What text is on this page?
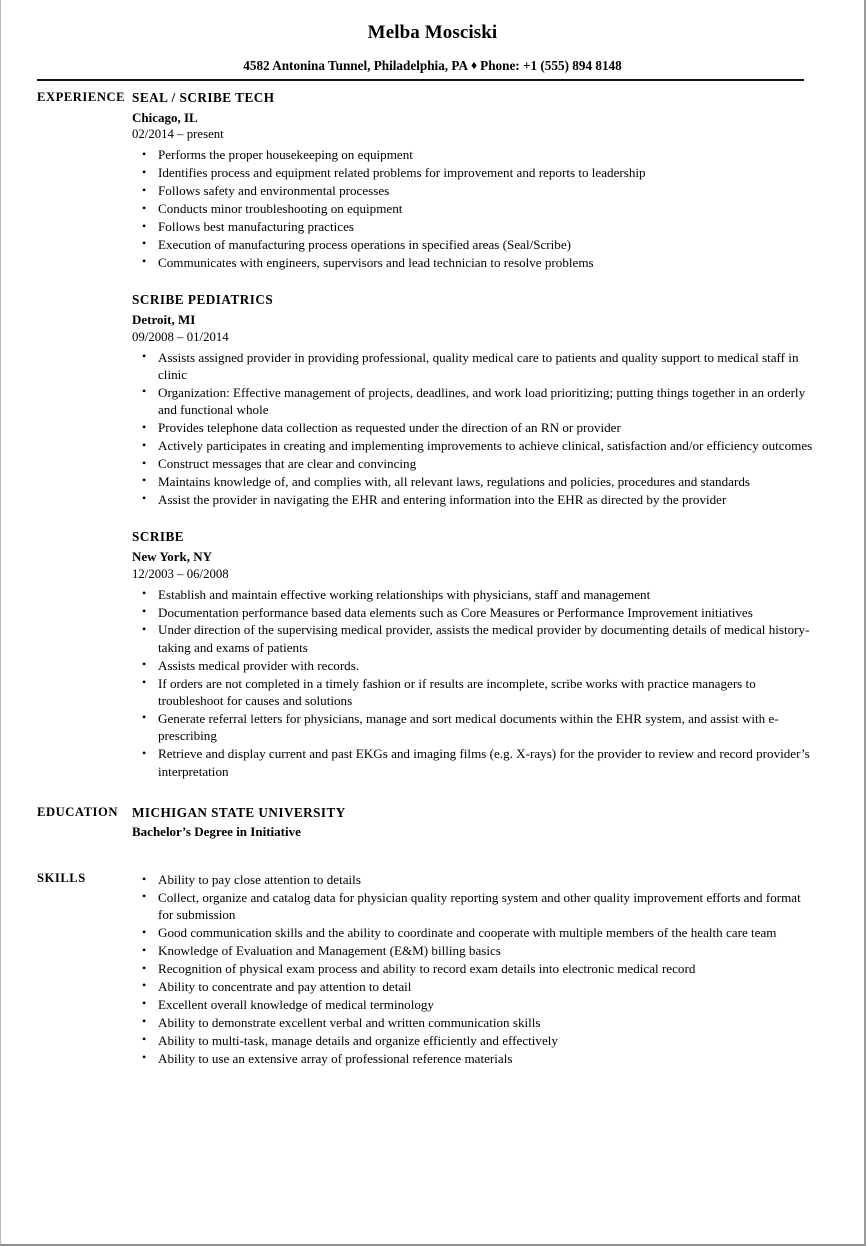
Melba Mosciski
4582 Antonina Tunnel, Philadelphia, PA ♦ Phone: +1 (555) 894 8148
EXPERIENCE SEAL / SCRIBE TECH
Chicago, IL
02/2014 – present
• Performs the proper housekeeping on equipment
• Identifies process and equipment related problems for improvement and reports to leadership
• Follows safety and environmental processes
• Conducts minor troubleshooting on equipment
• Follows best manufacturing practices
• Execution of manufacturing process operations in specified areas (Seal/Scribe)
• Communicates with engineers, supervisors and lead technician to resolve problems
SCRIBE PEDIATRICS
Detroit, MI
09/2008 – 01/2014
• Assists assigned provider in providing professional, quality medical care to patients and quality support to medical staff in clinic
• Organization: Effective management of projects, deadlines, and work load prioritizing; putting things together in an orderly and functional whole
• Provides telephone data collection as requested under the direction of an RN or provider
• Actively participates in creating and implementing improvements to achieve clinical, satisfaction and/or efficiency outcomes
• Construct messages that are clear and convincing
• Maintains knowledge of, and complies with, all relevant laws, regulations and policies, procedures and standards
• Assist the provider in navigating the EHR and entering information into the EHR as directed by the provider
SCRIBE
New York, NY
12/2003 – 06/2008
• Establish and maintain effective working relationships with physicians, staff and management
• Documentation performance based data elements such as Core Measures or Performance Improvement initiatives
• Under direction of the supervising medical provider, assists the medical provider by documenting details of medical history-taking and exams of patients
• Assists medical provider with records.
• If orders are not completed in a timely fashion or if results are incomplete, scribe works with practice managers to troubleshoot for causes and solutions
• Generate referral letters for physicians, manage and sort medical documents within the EHR system, and assist with e-prescribing
• Retrieve and display current and past EKGs and imaging films (e.g. X-rays) for the provider to review and record provider’s interpretation
EDUCATION	MICHIGAN STATE UNIVERSITY
Bachelor’s Degree in Initiative
SKILLS	• Ability to pay close attention to details
• Collect, organize and catalog data for physician quality reporting system and other quality improvement efforts and format for submission
• Good communication skills and the ability to coordinate and cooperate with multiple members of the health care team
• Knowledge of Evaluation and Management (E&M) billing basics
• Recognition of physical exam process and ability to record exam details into electronic medical record
• Ability to concentrate and pay attention to detail
• Excellent overall knowledge of medical terminology
• Ability to demonstrate excellent verbal and written communication skills
• Ability to multi-task, manage details and organize efficiently and effectively
• Ability to use an extensive array of professional reference materials
